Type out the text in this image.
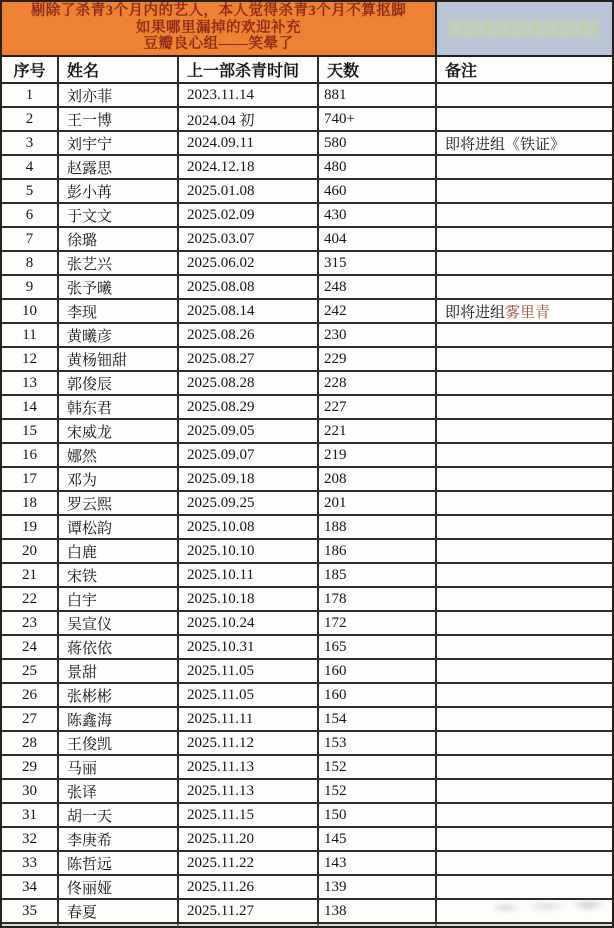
剔除了杀青3个月内的艺人，本人觉得杀青3个月不算抠脚
如果哪里漏掉的欢迎补充
豆瓣良心组——笑晕了
序号	姓名	上一部杀青时间	天数	备注
1	刘亦菲	2023.11.14	881
2	王一博	2024.04 初	740+
3	刘宇宁	2024.09.11	580	即将进组《铁证》
4	赵露思	2024.12.18	480
5	彭小苒	2025.01.08	460
6	于文文	2025.02.09	430
7	徐璐	2025.03.07	404
8	张艺兴	2025.06.02	315
9	张予曦	2025.08.08	248
10	李现	2025.08.14	242	即将进组 雾里青
11	黄曦彦	2025.08.26	230
12	黄杨钿甜	2025.08.27	229
13	郭俊辰	2025.08.28	228
14	韩东君	2025.08.29	227
15	宋威龙	2025.09.05	221
16	娜然	2025.09.07	219
17	邓为	2025.09.18	208
18	罗云熙	2025.09.25	201
19	谭松韵	2025.10.08	188
20	白鹿	2025.10.10	186
21	宋铁	2025.10.11	185
22	白宇	2025.10.18	178
23	吴宣仪	2025.10.24	172
24	蒋依依	2025.10.31	165
25	景甜	2025.11.05	160
26	张彬彬	2025.11.05	160
27	陈鑫海	2025.11.11	154
28	王俊凯	2025.11.12	153
29	马丽	2025.11.13	152
30	张译	2025.11.13	152
31	胡一天	2025.11.15	150
32	李庚希	2025.11.20	145
33	陈哲远	2025.11.22	143
34	佟丽娅	2025.11.26	139
35	春夏	2025.11.27	138
